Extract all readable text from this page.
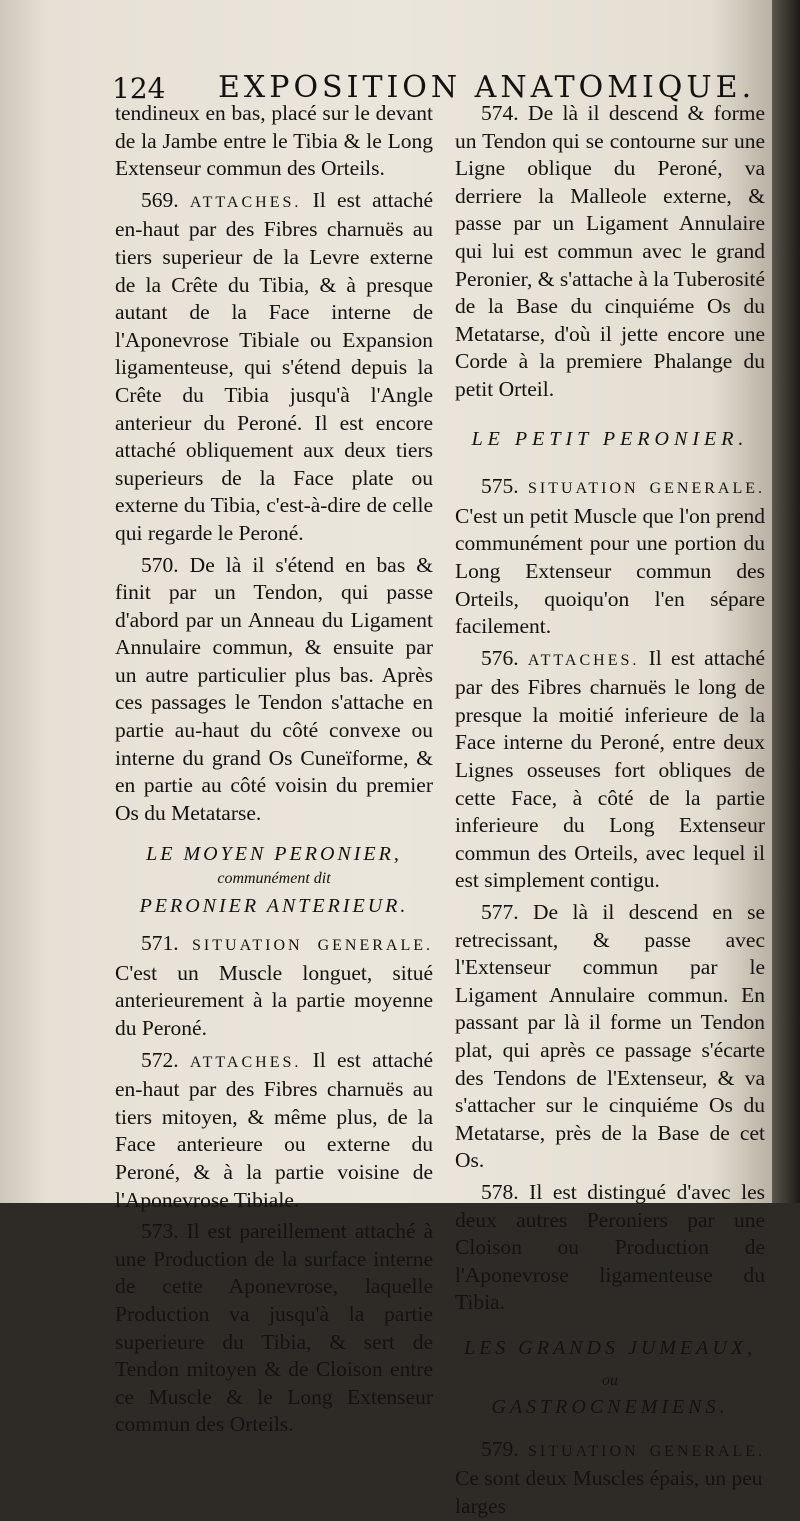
124 EXPOSITION ANATOMIQUE.

tendineux en bas, placé sur le devant de la Jambe entre le Tibia & le Long Extenseur commun des Orteils.

569. ATTACHES. Il est attaché en-haut par des Fibres charnuës au tiers superieur de la Levre externe de la Crête du Tibia, & à presque autant de la Face interne de l'Aponevrose Tibiale ou Expansion ligamenteuse, qui s'étend depuis la Crête du Tibia jusqu'à l'Angle anterieur du Peroné. Il est encore attaché obliquement aux deux tiers superieurs de la Face plate ou externe du Tibia, c'est-à-dire de celle qui regarde le Peroné.

570. De là il s'étend en bas & finit par un Tendon, qui passe d'abord par un Anneau du Ligament Annulaire commun, & ensuite par un autre particulier plus bas. Après ces passages le Tendon s'attache en partie au-haut du côté convexe ou interne du grand Os Cuneïforme, & en partie au côté voisin du premier Os du Metatarse.

LE MOYEN PERONIER,
communément dit
PERONIER ANTERIEUR.

571. SITUATION GENERALE. C'est un Muscle longuet, situé anterieurement à la partie moyenne du Peroné.

572. ATTACHES. Il est attaché en-haut par des Fibres charnuës au tiers mitoyen, & même plus, de la Face anterieure ou externe du Peroné, & à la partie voisine de l'Aponevrose Tibiale.

573. Il est pareillement attaché à une Production de la surface interne de cette Aponevrose, laquelle Production va jusqu'à la partie superieure du Tibia, & sert de Tendon mitoyen & de Cloison entre ce Muscle & le Long Extenseur commun des Orteils.

574. De là il descend & forme un Tendon qui se contourne sur une Ligne oblique du Peroné, va derriere la Malleole externe, & passe par un Ligament Annulaire qui lui est commun avec le grand Peronier, & s'attache à la Tuberosité de la Base du cinquiéme Os du Metatarse, d'où il jette encore une Corde à la premiere Phalange du petit Orteil.

LE PETIT PERONIER.

575. SITUATION GENERALE. C'est un petit Muscle que l'on prend communément pour une portion du Long Extenseur commun des Orteils, quoiqu'on l'en sépare facilement.

576. ATTACHES. Il est attaché par des Fibres charnuës le long de presque la moitié inferieure de la Face interne du Peroné, entre deux Lignes osseuses fort obliques de cette Face, à côté de la partie inferieure du Long Extenseur commun des Orteils, avec lequel il est simplement contigu.

577. De là il descend en se retrecissant, & passe avec l'Extenseur commun par le Ligament Annulaire commun. En passant par là il forme un Tendon plat, qui après ce passage s'écarte des Tendons de l'Extenseur, & va s'attacher sur le cinquiéme Os du Metatarse, près de la Base de cet Os.

578. Il est distingué d'avec les deux autres Peroniers par une Cloison ou Production de l'Aponevrose ligamenteuse du Tibia.

LES GRANDS JUMEAUX,
ou
GASTROCNEMIENS.

579. SITUATION GENERALE. Ce sont deux Muscles épais, un peu

larges
